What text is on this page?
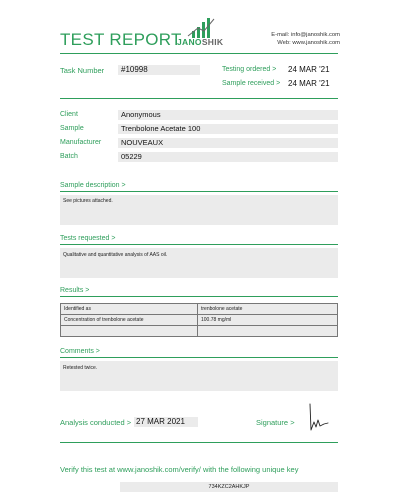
TEST REPORT
JANOSHIK
E-mail: info@janoshik.com
Web: www.janoshik.com
Task Number #10998	Testing ordered > 24 MAR '21
Sample received > 24 MAR '21
Client	Anonymous
Sample	Trenbolone Acetate 100
Manufacturer	NOUVEAUX
Batch	05229
Sample description >
See pictures attached.
Tests requested >
Qualitative and quantitative analysis of AAS oil.
Results >
Identified as	trenbolone acetate
Concentration of trenbolone acetate	100.78 mg/ml

Comments >
Retested twice.
Analysis conducted > 27 MAR 2021	Signature >
Verify this test at www.janoshik.com/verify/ with the following unique key
734KZC2AHKJP
